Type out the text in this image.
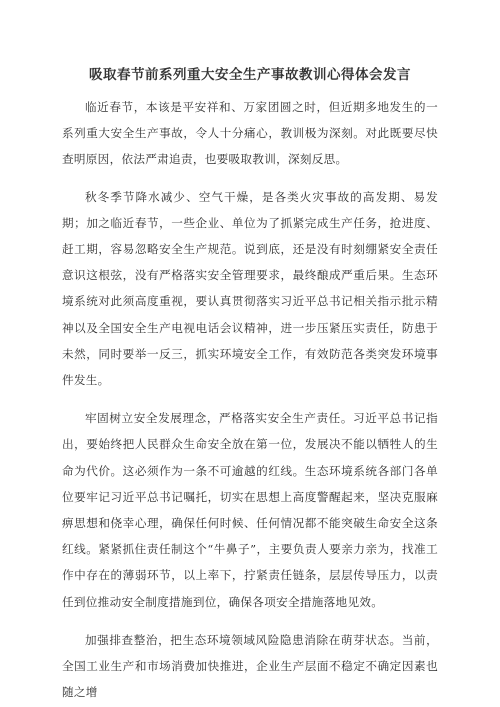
吸取春节前系列重大安全生产事故教训心得体会发言

临近春节，本该是平安祥和、万家团圆之时，但近期多地发生的一系列重大安全生产事故，令人十分痛心，教训极为深刻。对此既要尽快查明原因，依法严肃追责，也要吸取教训，深刻反思。

秋冬季节降水减少、空气干燥，是各类火灾事故的高发期、易发期；加之临近春节，一些企业、单位为了抓紧完成生产任务，抢进度、赶工期，容易忽略安全生产规范。说到底，还是没有时刻绷紧安全责任意识这根弦，没有严格落实安全管理要求，最终酿成严重后果。生态环境系统对此须高度重视，要认真贯彻落实习近平总书记相关指示批示精神以及全国安全生产电视电话会议精神，进一步压紧压实责任，防患于未然，同时要举一反三，抓实环境安全工作，有效防范各类突发环境事件发生。

牢固树立安全发展理念，严格落实安全生产责任。习近平总书记指出，要始终把人民群众生命安全放在第一位，发展决不能以牺牲人的生命为代价。这必须作为一条不可逾越的红线。生态环境系统各部门各单位要牢记习近平总书记嘱托，切实在思想上高度警醒起来，坚决克服麻痹思想和侥幸心理，确保任何时候、任何情况都不能突破生命安全这条红线。紧紧抓住责任制这个“牛鼻子”，主要负责人要亲力亲为，找准工作中存在的薄弱环节，以上率下，拧紧责任链条，层层传导压力，以责任到位推动安全制度措施到位，确保各项安全措施落地见效。

加强排查整治，把生态环境领域风险隐患消除在萌芽状态。当前，全国工业生产和市场消费加快推进，企业生产层面不稳定不确定因素也随之增
